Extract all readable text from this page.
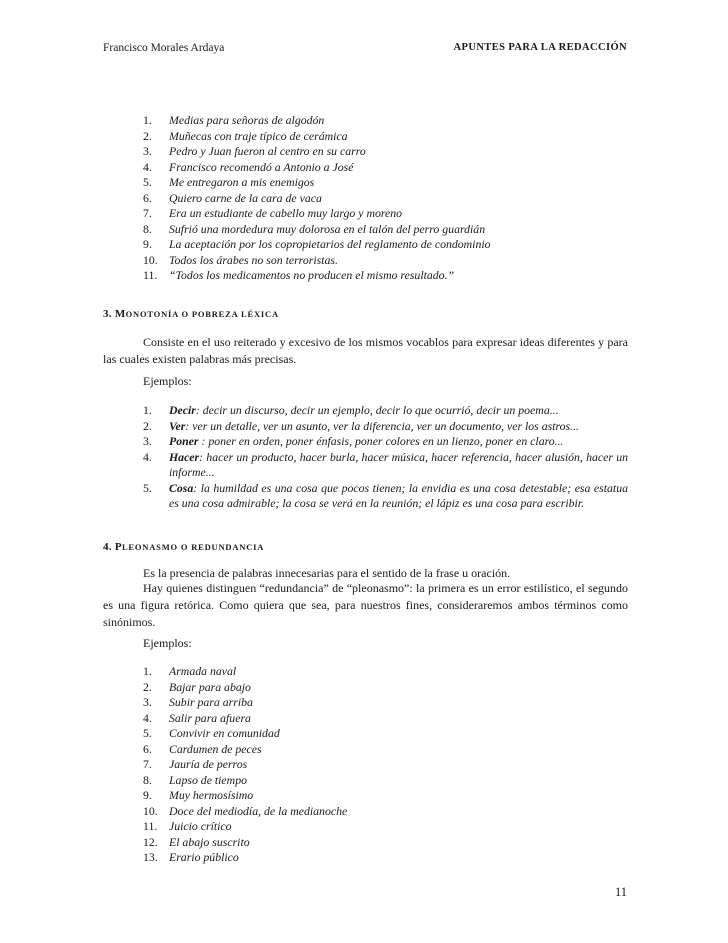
Francisco Morales Ardaya	APUNTES PARA LA REDACCIÓN
1. Medias para señoras de algodón
2. Muñecas con traje típico de cerámica
3. Pedro y Juan fueron al centro en su carro
4. Francisco recomendó a Antonio a José
5. Me entregaron a mis enemigos
6. Quiero carne de la cara de vaca
7. Era un estudiante de cabello muy largo y moreno
8. Sufrió una mordedura muy dolorosa en el talón del perro guardián
9. La aceptación por los copropietarios del reglamento de condominio
10. Todos los árabes no son terroristas.
11. “Todos los medicamentos no producen el mismo resultado.”
3. MONOTONÍA O POBREZA LÉXICA

Consiste en el uso reiterado y excesivo de los mismos vocablos para expresar ideas diferentes y para las cuales existen palabras más precisas.

Ejemplos:
1. Decir: decir un discurso, decir un ejemplo, decir lo que ocurrió, decir un poema...
2. Ver: ver un detalle, ver un asunto, ver la diferencia, ver un documento, ver los astros...
3. Poner : poner en orden, poner énfasis, poner colores en un lienzo, poner en claro...
4. Hacer: hacer un producto, hacer burla, hacer música, hacer referencia, hacer alusión, hacer un informe...
5. Cosa: la humildad es una cosa que pocos tienen; la envidia es una cosa detestable; esa estatua es una cosa admirable; la cosa se verá en la reunión; el lápiz es una cosa para escribir.
4. PLEONASMO O REDUNDANCIA

Es la presencia de palabras innecesarias para el sentido de la frase u oración.

Hay quienes distinguen “redundancia” de “pleonasmo”: la primera es un error estilístico, el segundo es una figura retórica. Como quiera que sea, para nuestros fines, consideraremos ambos términos como sinónimos.

Ejemplos:
1. Armada naval
2. Bajar para abajo
3. Subir para arriba
4. Salir para afuera
5. Convivir en comunidad
6. Cardumen de peces
7. Jauría de perros
8. Lapso de tiempo
9. Muy hermosísimo
10. Doce del mediodía, de la medianoche
11. Juicio crítico
12. El abajo suscrito
13. Erario público
11
